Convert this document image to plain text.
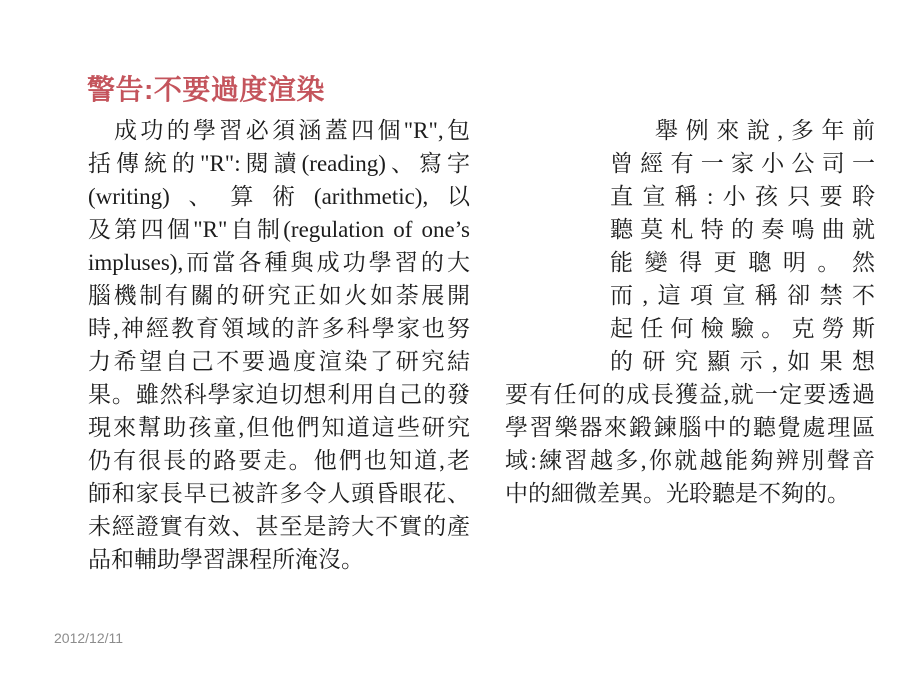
警告:不要過度渲染
成功的學習必須涵蓋四個"R",包
括傳統的"R":閱讀(reading)、寫字
(writing)、算術(arithmetic),以
及第四個"R"自制(regulation of one’s
impluses),而當各種與成功學習的大
腦機制有關的研究正如火如荼展開
時,神經教育領域的許多科學家也努
力希望自己不要過度渲染了研究結
果。雖然科學家迫切想利用自己的發
現來幫助孩童,但他們知道這些研究
仍有很長的路要走。他們也知道,老
師和家長早已被許多令人頭昏眼花、
未經證實有效、甚至是誇大不實的產
品和輔助學習課程所淹沒。
舉例來說,多年前
曾經有一家小公司一
直宣稱:小孩只要聆
聽莫札特的奏鳴曲就
能變得更聰明。然
而,這項宣稱卻禁不
起任何檢驗。克勞斯
的研究顯示,如果想
要有任何的成長獲益,就一定要透過
學習樂器來鍛鍊腦中的聽覺處理區
域:練習越多,你就越能夠辨別聲音
中的細微差異。光聆聽是不夠的。
2012/12/11
